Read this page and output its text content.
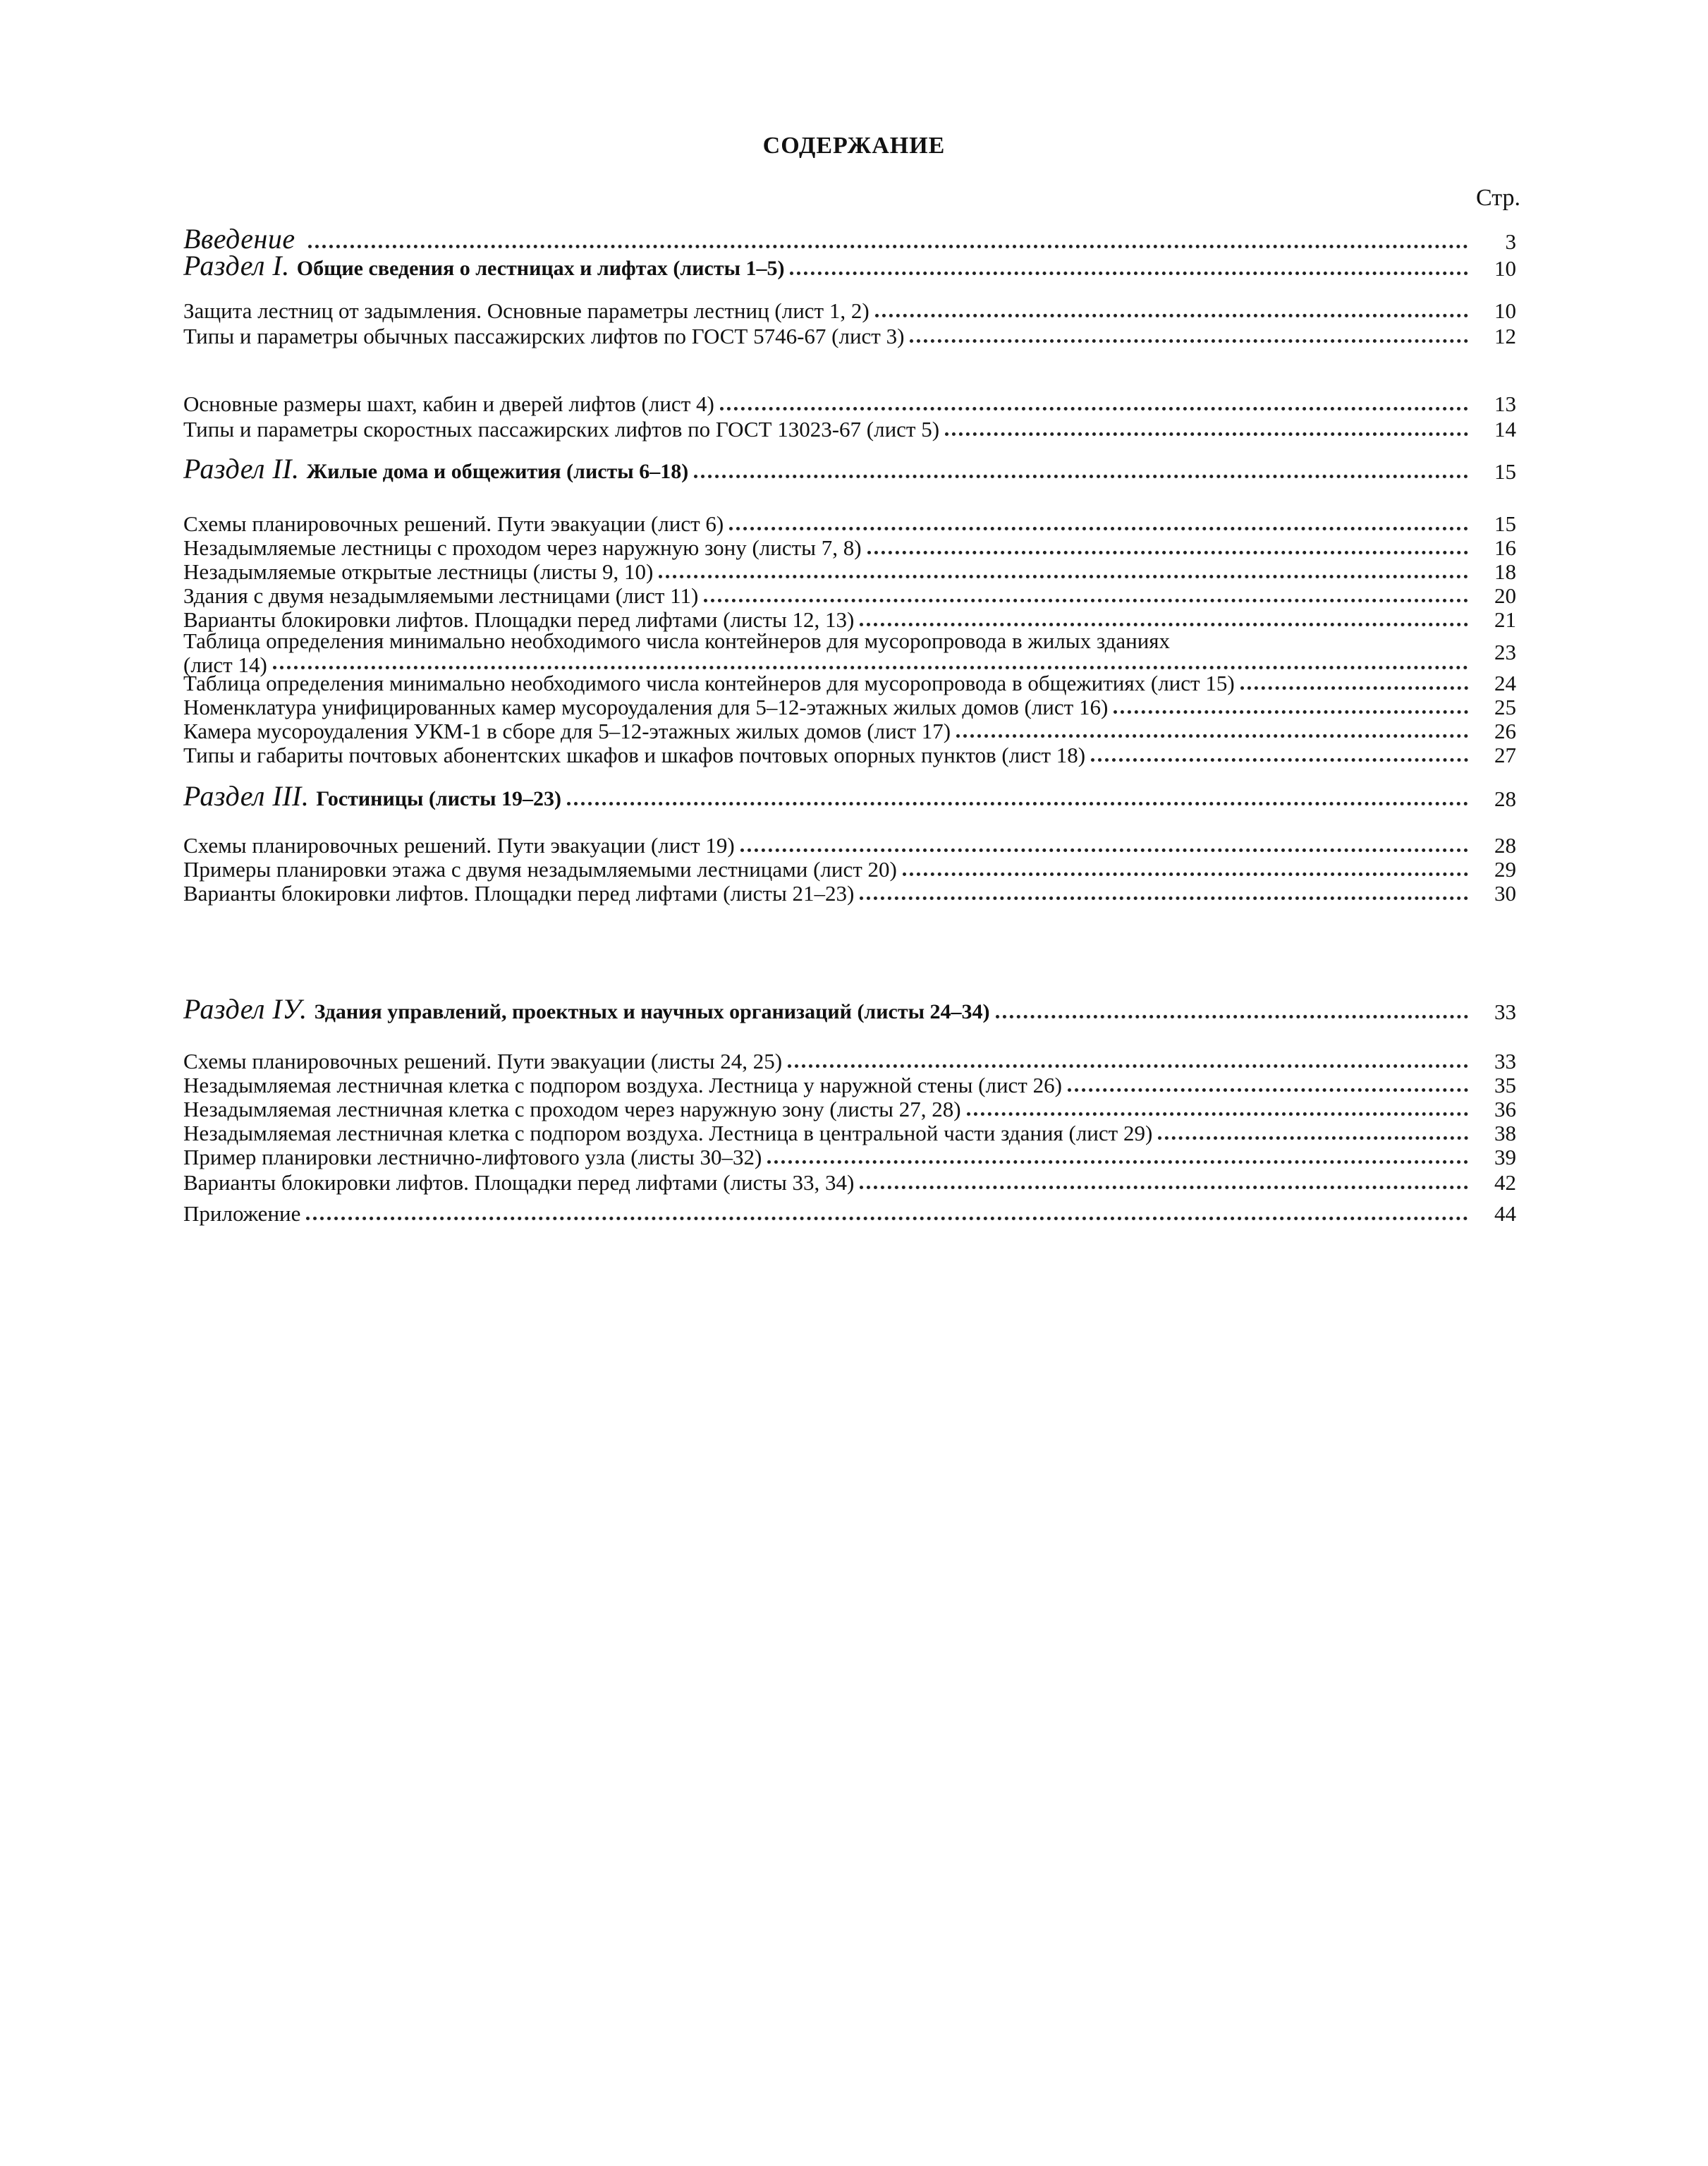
СОДЕРЖАНИЕ
Стр.
Введение	3
Раздел I. Общие сведения о лестницах и лифтах (листы 1–5)	10
Защита лестниц от задымления. Основные параметры лестниц (лист 1, 2)	10
Типы и параметры обычных пассажирских лифтов по ГОСТ 5746-67 (лист 3)	12
Основные размеры шахт, кабин и дверей лифтов (лист 4)	13
Типы и параметры скоростных пассажирских лифтов по ГОСТ 13023-67 (лист 5)	14
Раздел II. Жилые дома и общежития (листы 6–18)	15
Схемы планировочных решений. Пути эвакуации (лист 6)	15
Незадымляемые лестницы с проходом через наружную зону (листы 7, 8)	16
Незадымляемые открытые лестницы (листы 9, 10)	18
Здания с двумя незадымляемыми лестницами (лист 11)	20
Варианты блокировки лифтов. Площадки перед лифтами (листы 12, 13)	21
Таблица определения минимально необходимого числа контейнеров для мусоропровода в жилых зданиях	23
(лист 14)
Таблица определения минимально необходимого числа контейнеров для мусоропровода в общежитиях (лист 15)	24
Номенклатура унифицированных камер мусороудаления для 5–12-этажных жилых домов (лист 16)	25
Камера мусороудаления УКМ-1 в сборе для 5–12-этажных жилых домов (лист 17)	26
Типы и габариты почтовых абонентских шкафов и шкафов почтовых опорных пунктов (лист 18)	27
Раздел III. Гостиницы (листы 19–23)	28
Схемы планировочных решений. Пути эвакуации (лист 19)	28
Примеры планировки этажа с двумя незадымляемыми лестницами (лист 20)	29
Варианты блокировки лифтов. Площадки перед лифтами (листы 21–23)	30
Раздел IУ. Здания управлений, проектных и научных организаций (листы 24–34)	33
Схемы планировочных решений. Пути эвакуации (листы 24, 25)	33
Незадымляемая лестничная клетка с подпором воздуха. Лестница у наружной стены (лист 26)	35
Незадымляемая лестничная клетка с проходом через наружную зону (листы 27, 28)	36
Незадымляемая лестничная клетка с подпором воздуха. Лестница в центральной части здания (лист 29)	38
Пример планировки лестнично-лифтового узла (листы 30–32)	39
Варианты блокировки лифтов. Площадки перед лифтами (листы 33, 34)	42
Приложение	44
